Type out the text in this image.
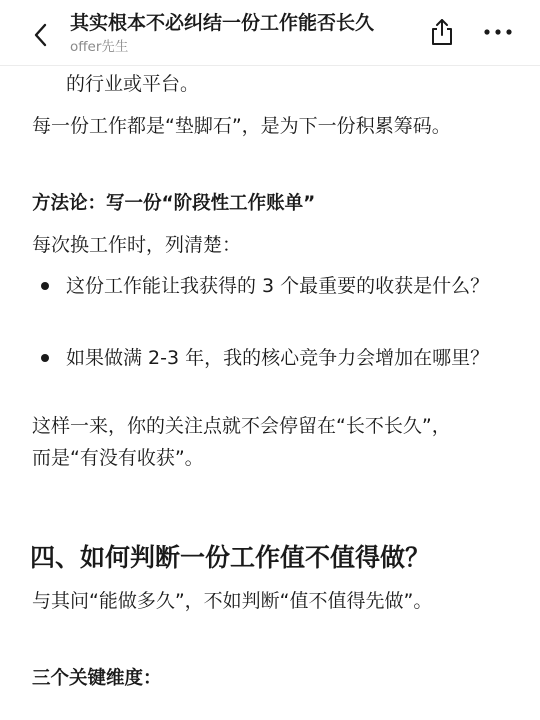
其实根本不必纠结一份工作能否长久
offer先生
的行业或平台。
每一份工作都是“垫脚石”，是为下一份积累筹码。
方法论：写一份“阶段性工作账单”
每次换工作时，列清楚：
这份工作能让我获得的 3 个最重要的收获是什么？
如果做满 2-3 年，我的核心竞争力会增加在哪里？
这样一来，你的关注点就不会停留在“长不长久”，
而是“有没有收获”。
四、如何判断一份工作值不值得做？
与其问“能做多久”，不如判断“值不值得先做”。
三个关键维度：
